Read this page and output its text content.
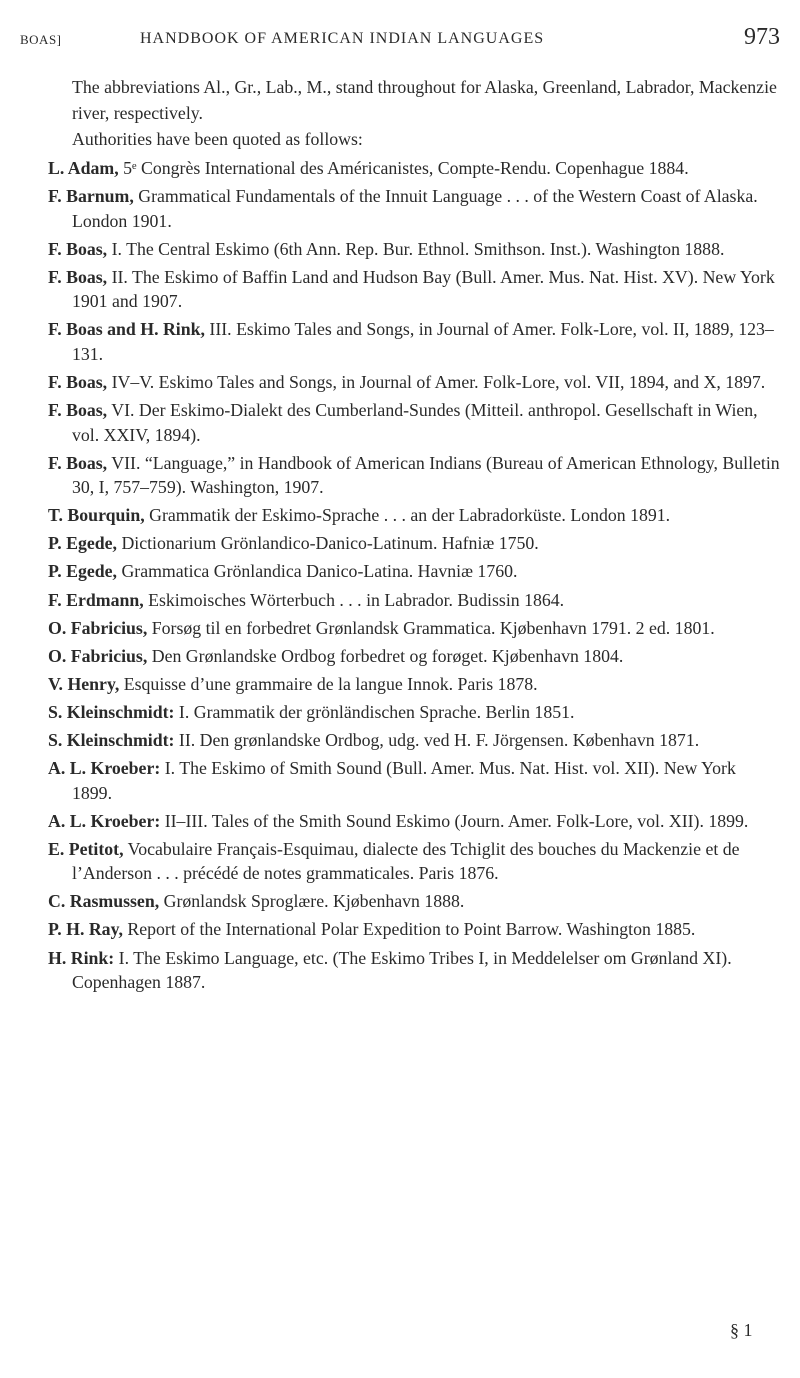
BOAS]	HANDBOOK OF AMERICAN INDIAN LANGUAGES	973

The abbreviations Al., Gr., Lab., M., stand throughout for Alaska, Greenland, Labrador, Mackenzie river, respectively.

Authorities have been quoted as follows:

L. Adam, 5ᵉ Congrès International des Américanistes, Compte-Rendu. Copenhague 1884.

F. Barnum, Grammatical Fundamentals of the Innuit Language . . . of the Western Coast of Alaska. London 1901.

F. Boas, I. The Central Eskimo (6th Ann. Rep. Bur. Ethnol. Smithson. Inst.). Washington 1888.

F. Boas, II. The Eskimo of Baffin Land and Hudson Bay (Bull. Amer. Mus. Nat. Hist. XV). New York 1901 and 1907.

F. Boas and H. Rink, III. Eskimo Tales and Songs, in Journal of Amer. Folk-Lore, vol. II, 1889, 123–131.

F. Boas, IV–V. Eskimo Tales and Songs, in Journal of Amer. Folk-Lore, vol. VII, 1894, and X, 1897.

F. Boas, VI. Der Eskimo-Dialekt des Cumberland-Sundes (Mitteil. anthropol. Gesellschaft in Wien, vol. XXIV, 1894).

F. Boas, VII. “Language,” in Handbook of American Indians (Bureau of American Ethnology, Bulletin 30, I, 757–759). Washington, 1907.

T. Bourquin, Grammatik der Eskimo-Sprache . . . an der Labradorküste. London 1891.

P. Egede, Dictionarium Grönlandico-Danico-Latinum. Hafniæ 1750.

P. Egede, Grammatica Grönlandica Danico-Latina. Havniæ 1760.

F. Erdmann, Eskimoisches Wörterbuch . . . in Labrador. Budissin 1864.

O. Fabricius, Forsøg til en forbedret Grønlandsk Grammatica. Kjøbenhavn 1791. 2 ed. 1801.

O. Fabricius, Den Grønlandske Ordbog forbedret og forøget. Kjøbenhavn 1804.

V. Henry, Esquisse d’une grammaire de la langue Innok. Paris 1878.

S. Kleinschmidt: I. Grammatik der grönländischen Sprache. Berlin 1851.

S. Kleinschmidt: II. Den grønlandske Ordbog, udg. ved H. F. Jörgensen. København 1871.

A. L. Kroeber: I. The Eskimo of Smith Sound (Bull. Amer. Mus. Nat. Hist. vol. XII). New York 1899.

A. L. Kroeber: II–III. Tales of the Smith Sound Eskimo (Journ. Amer. Folk-Lore, vol. XII). 1899.

E. Petitot, Vocabulaire Français-Esquimau, dialecte des Tchiglit des bouches du Mackenzie et de l’Anderson . . . précédé de notes grammaticales. Paris 1876.

C. Rasmussen, Grønlandsk Sproglære. Kjøbenhavn 1888.

P. H. Ray, Report of the International Polar Expedition to Point Barrow. Washington 1885.

H. Rink: I. The Eskimo Language, etc. (The Eskimo Tribes I, in Meddelelser om Grønland XI). Copenhagen 1887.

§ 1
